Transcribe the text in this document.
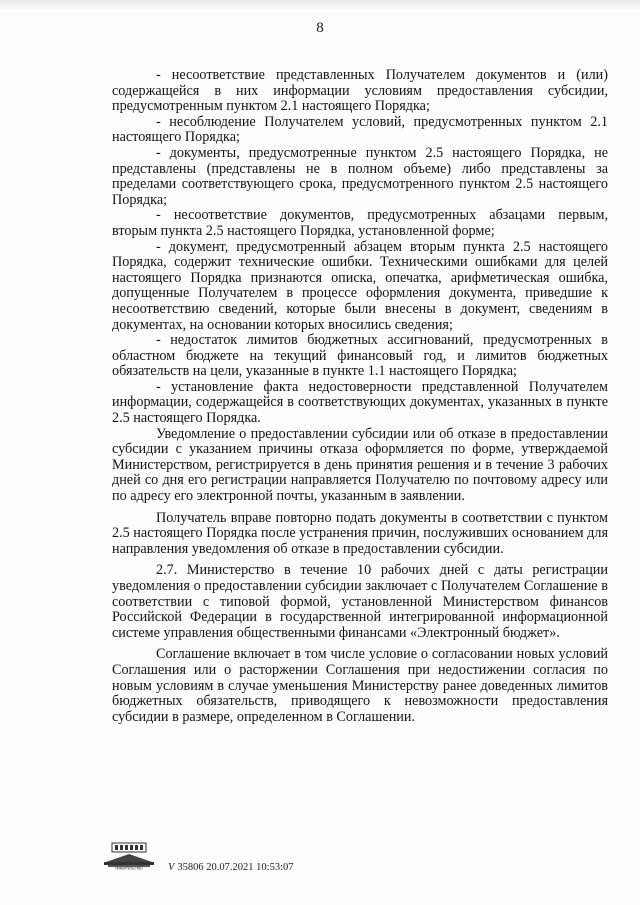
8

- несоответствие представленных Получателем документов и (или) содержащейся в них информации условиям предоставления субсидии, предусмотренным пунктом 2.1 настоящего Порядка;

- несоблюдение Получателем условий, предусмотренных пунктом 2.1 настоящего Порядка;

- документы, предусмотренные пунктом 2.5 настоящего Порядка, не представлены (представлены не в полном объеме) либо представлены за пределами соответствующего срока, предусмотренного пунктом 2.5 настоящего Порядка;

- несоответствие документов, предусмотренных абзацами первым, вторым пункта 2.5 настоящего Порядка, установленной форме;

- документ, предусмотренный абзацем вторым пункта 2.5 настоящего Порядка, содержит технические ошибки. Техническими ошибками для целей настоящего Порядка признаются описка, опечатка, арифметическая ошибка, допущенные Получателем в процессе оформления документа, приведшие к несоответствию сведений, которые были внесены в документ, сведениям в документах, на основании которых вносились сведения;

- недостаток лимитов бюджетных ассигнований, предусмотренных в областном бюджете на текущий финансовый год, и лимитов бюджетных обязательств на цели, указанные в пункте 1.1 настоящего Порядка;

- установление факта недостоверности представленной Получателем информации, содержащейся в соответствующих документах, указанных в пункте 2.5 настоящего Порядка.

Уведомление о предоставлении субсидии или об отказе в предоставлении субсидии с указанием причины отказа оформляется по форме, утверждаемой Министерством, регистрируется в день принятия решения и в течение 3 рабочих дней со дня его регистрации направляется Получателю по почтовому адресу или по адресу его электронной почты, указанным в заявлении.

Получатель вправе повторно подать документы в соответствии с пунктом 2.5 настоящего Порядка после устранения причин, послуживших основанием для направления уведомления об отказе в предоставлении субсидии.

2.7. Министерство в течение 10 рабочих дней с даты регистрации уведомления о предоставлении субсидии заключает с Получателем Соглашение в соответствии с типовой формой, установленной Министерством финансов Российской Федерации в государственной интегрированной информационной системе управления общественными финансами «Электронный бюджет».

Соглашение включает в том числе условие о согласовании новых условий Соглашения или о расторжении Соглашения при недостижении согласия по новым условиям в случае уменьшения Министерству ранее доведенных лимитов бюджетных обязательств, приводящего к невозможности предоставления субсидии в размере, определенном в Соглашении.

ПРАВИТЕЛЬСТВО V 35806 20.07.2021 10:53:07
